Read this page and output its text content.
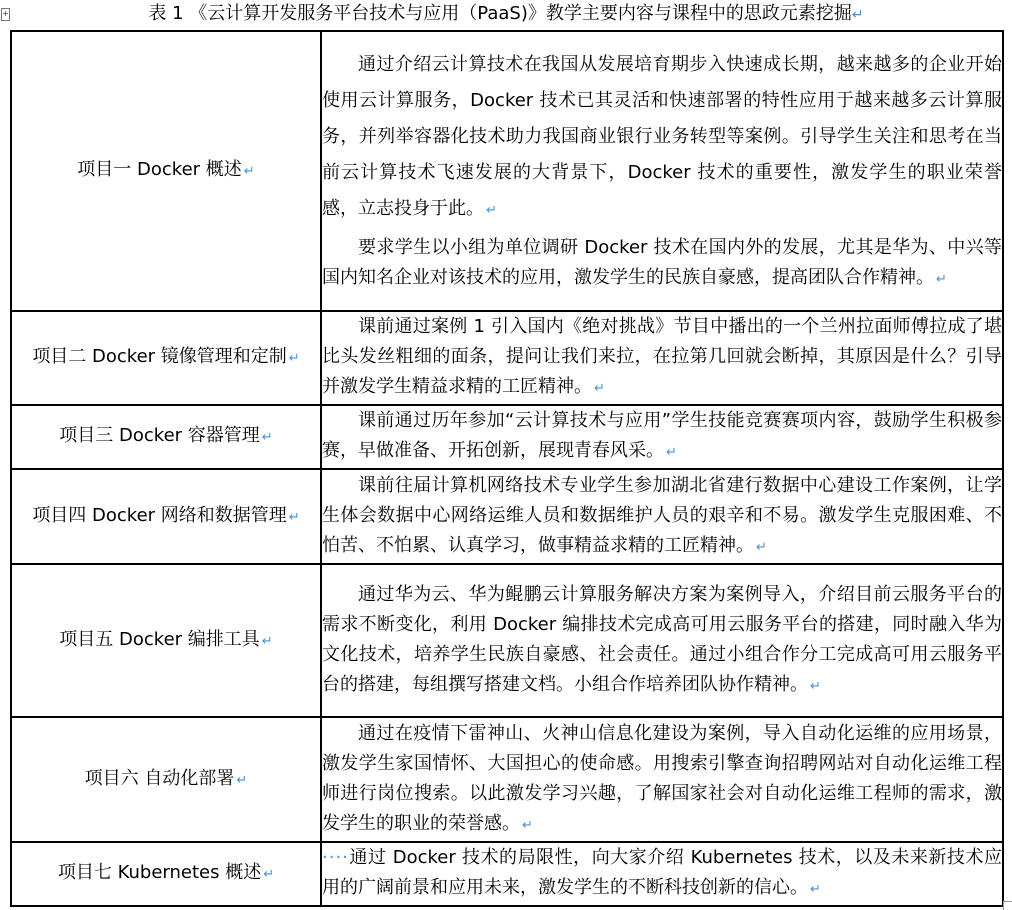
+	表 1 《云计算开发服务平台技术与应用（PaaS)》教学主要内容与课程中的思政元素挖掘↵
项目一 Docker 概述 ↵	通过介绍云计算技术在我国从发展培育期步入快速成长期，越来越多的企业开始使用云计算服务，Docker 技术已其灵活和快速部署的特性应用于越来越多云计算服务，并列举容器化技术助力我国商业银行业务转型等案例。引导学生关注和思考在当前云计算技术飞速发展的大背景下，Docker 技术的重要性，激发学生的职业荣誉感，立志投身于此。 ↵

要求学生以小组为单位调研 Docker 技术在国内外的发展，尤其是华为、中兴等国内知名企业对该技术的应用，激发学生的民族自豪感，提高团队合作精神。 ↵

项目二 Docker 镜像管理和定制 ↵	课前通过案例 1 引入国内《绝对挑战》节目中播出的一个兰州拉面师傅拉成了堪比头发丝粗细的面条，提问让我们来拉，在拉第几回就会断掉，其原因是什么？引导并激发学生精益求精的工匠精神。 ↵

项目三 Docker 容器管理 ↵	课前通过历年参加“云计算技术与应用”学生技能竞赛赛项内容，鼓励学生积极参赛，早做准备、开拓创新，展现青春风采。 ↵

项目四 Docker 网络和数据管理 ↵	课前往届计算机网络技术专业学生参加湖北省建行数据中心建设工作案例，让学生体会数据中心网络运维人员和数据维护人员的艰辛和不易。激发学生克服困难、不怕苦、不怕累、认真学习，做事精益求精的工匠精神。 ↵

项目五 Docker 编排工具 ↵	通过华为云、华为鲲鹏云计算服务解决方案为案例导入，介绍目前云服务平台的需求不断变化，利用 Docker 编排技术完成高可用云服务平台的搭建，同时融入华为文化技术，培养学生民族自豪感、社会责任。通过小组合作分工完成高可用云服务平台的搭建，每组撰写搭建文档。小组合作培养团队协作精神。 ↵

项目六 自动化部署 ↵	通过在疫情下雷神山、火神山信息化建设为案例，导入自动化运维的应用场景，激发学生家国情怀、大国担心的使命感。用搜索引擎查询招聘网站对自动化运维工程师进行岗位搜索。以此激发学习兴趣，了解国家社会对自动化运维工程师的需求，激发学生的职业的荣誉感。 ↵

项目七 Kubernetes 概述 ↵	····通过 Docker 技术的局限性，向大家介绍 Kubernetes 技术，以及未来新技术应用的广阔前景和应用未来，激发学生的不断科技创新的信心。 ↵
